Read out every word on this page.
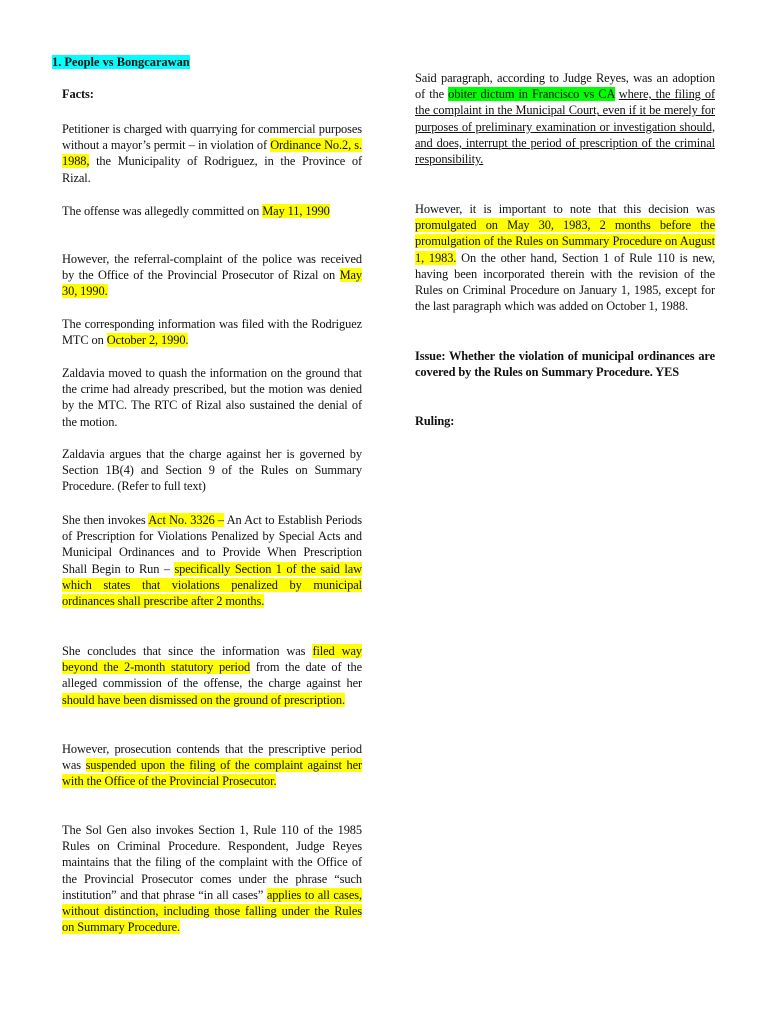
1. People vs Bongcarawan

Facts:

Petitioner is charged with quarrying for commercial purposes without a mayor’s permit – in violation of Ordinance No.2, s. 1988, the Municipality of Rodriguez, in the Province of Rizal.

The offense was allegedly committed on May 11, 1990

However, the referral-complaint of the police was received by the Office of the Provincial Prosecutor of Rizal on May 30, 1990.

The corresponding information was filed with the Rodriguez MTC on October 2, 1990.

Zaldavia moved to quash the information on the ground that the crime had already prescribed, but the motion was denied by the MTC. The RTC of Rizal also sustained the denial of the motion.

Zaldavia argues that the charge against her is governed by Section 1B(4) and Section 9 of the Rules on Summary Procedure. (Refer to full text)

She then invokes Act No. 3326 – An Act to Establish Periods of Prescription for Violations Penalized by Special Acts and Municipal Ordinances and to Provide When Prescription Shall Begin to Run – specifically Section 1 of the said law which states that violations penalized by municipal ordinances shall prescribe after 2 months.

She concludes that since the information was filed way beyond the 2-month statutory period from the date of the alleged commission of the offense, the charge against her should have been dismissed on the ground of prescription.

However, prosecution contends that the prescriptive period was suspended upon the filing of the complaint against her with the Office of the Provincial Prosecutor.

The Sol Gen also invokes Section 1, Rule 110 of the 1985 Rules on Criminal Procedure. Respondent, Judge Reyes maintains that the filing of the complaint with the Office of the Provincial Prosecutor comes under the phrase “such institution” and that phrase “in all cases” applies to all cases, without distinction, including those falling under the Rules on Summary Procedure.

Said paragraph, according to Judge Reyes, was an adoption of the obiter dictum in Francisco vs CA where, the filing of the complaint in the Municipal Court, even if it be merely for purposes of preliminary examination or investigation should, and does, interrupt the period of prescription of the criminal responsibility.

However, it is important to note that this decision was promulgated on May 30, 1983, 2 months before the promulgation of the Rules on Summary Procedure on August 1, 1983. On the other hand, Section 1 of Rule 110 is new, having been incorporated therein with the revision of the Rules on Criminal Procedure on January 1, 1985, except for the last paragraph which was added on October 1, 1988.

Issue: Whether the violation of municipal ordinances are covered by the Rules on Summary Procedure. YES

Ruling:
